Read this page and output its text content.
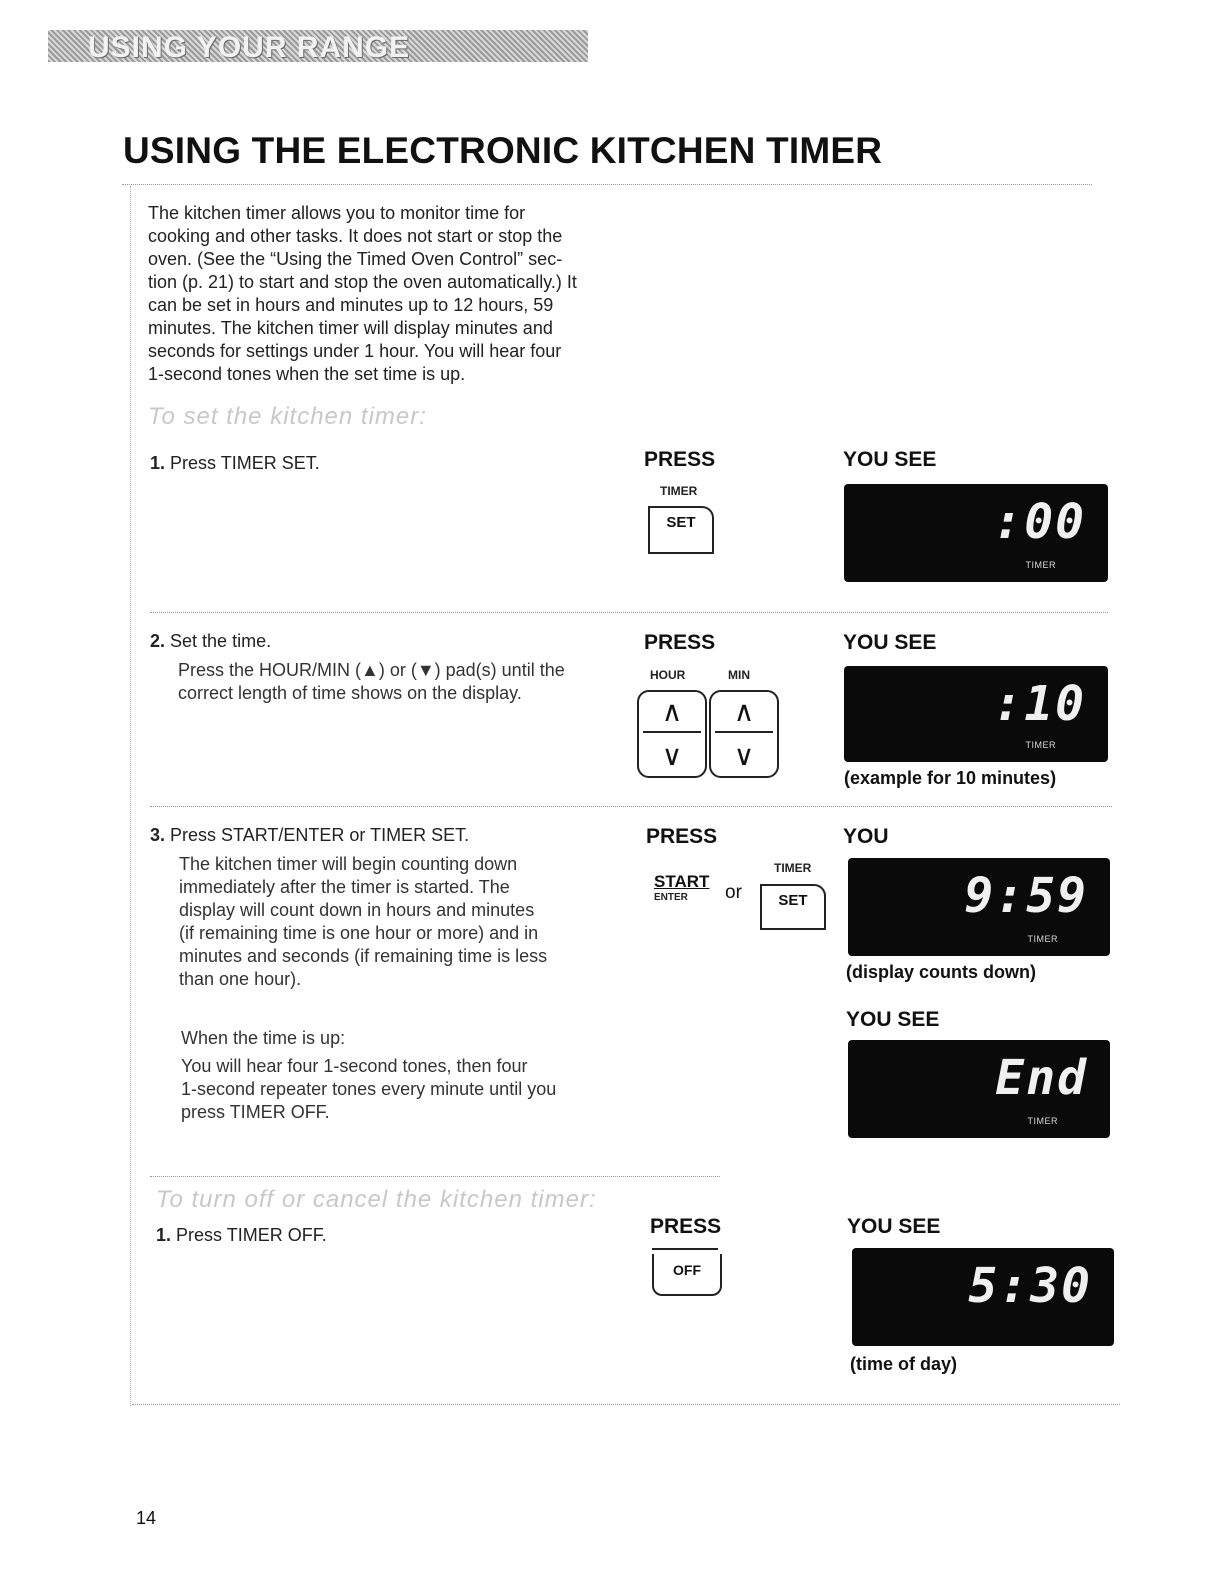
USING YOUR RANGE
USING THE ELECTRONIC KITCHEN TIMER
The kitchen timer allows you to monitor time for
cooking and other tasks. It does not start or stop the
oven. (See the “Using the Timed Oven Control” sec-
tion (p. 21) to start and stop the oven automatically.) It
can be set in hours and minutes up to 12 hours, 59
minutes. The kitchen timer will display minutes and
seconds for settings under 1 hour. You will hear four
1-second tones when the set time is up.
To set the kitchen timer:
1. Press TIMER SET.	PRESS	YOU SEE
TIMER
SET	:00
TIMER
2. Set the time.
Press the HOUR/MIN (▲) or (▼) pad(s) until the
correct length of time shows on the display.
PRESS	YOU SEE
HOUR	MIN
∧
∨
∧
∨
:10
TIMER
(example for 10 minutes)
3. Press START/ENTER or TIMER SET.
The kitchen timer will begin counting down
immediately after the timer is started. The
display will count down in hours and minutes
(if remaining time is one hour or more) and in
minutes and seconds (if remaining time is less
than one hour).
When the time is up:
You will hear four 1-second tones, then four
1-second repeater tones every minute until you
press TIMER OFF.
PRESS	YOU
START
ENTER	or
TIMER
SET	9:59
TIMER
(display counts down)
YOU SEE
End
TIMER
To turn off or cancel the kitchen timer:
1. Press TIMER OFF.	PRESS	YOU SEE
OFF	5:30
(time of day)
14
